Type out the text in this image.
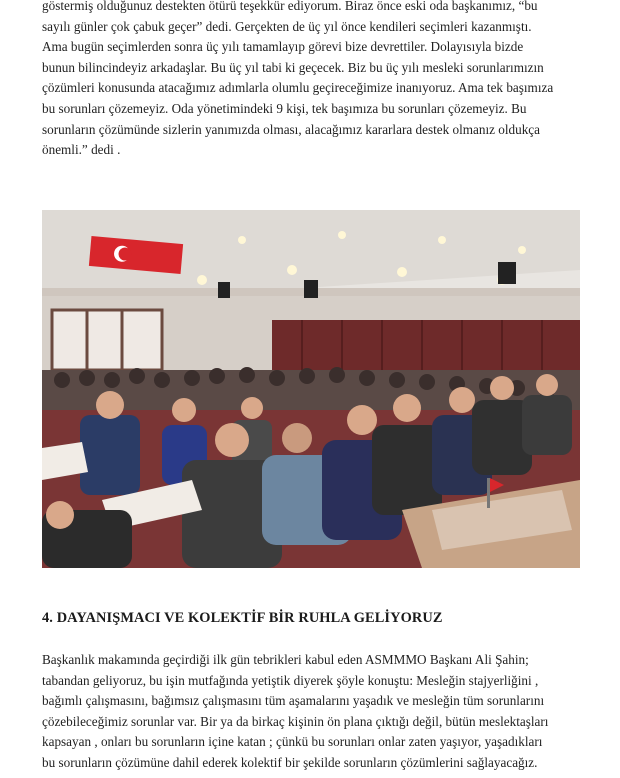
göstermiş olduğunuz destekten ötürü teşekkür ediyorum. Biraz önce eski oda başkanımız, “bu
sayılı günler çok çabuk geçer” dedi. Gerçekten de üç yıl önce kendileri seçimleri kazanmıştı.
Ama bugün seçimlerden sonra üç yılı tamamlayıp görevi bize devrettiler. Dolayısıyla bizde
bunun bilincindeyiz arkadaşlar. Bu üç yıl tabi ki geçecek. Biz bu üç yılı mesleki sorunlarımızın
çözümleri konusunda atacağımız adımlarla olumlu geçireceğimize inanıyoruz. Ama tek başımıza
bu sorunları çözemeyiz. Oda yönetimindeki 9 kişi, tek başımıza bu sorunları çözemeyiz. Bu
sorunların çözümünde sizlerin yanımızda olması, alacağımız kararlara destek olmanız oldukça
önemli.” dedi .
4. DAYANIŞMACI VE KOLEKTİF BİR RUHLA GELİYORUZ
Başkanlık makamında geçirdiği ilk gün tebrikleri kabul eden ASMMMO Başkanı Ali Şahin;
tabandan geliyoruz, bu işin mutfağında yetiştik diyerek şöyle konuştu: Mesleğin stajyerliğini ,
bağımlı çalışmasını, bağımsız çalışmasını tüm aşamalarını yaşadık ve mesleğin tüm sorunlarını
çözebileceğimiz sorunlar var. Bir ya da birkaç kişinin ön plana çıktığı değil, bütün meslektaşları
kapsayan , onları bu sorunların içine katan ; çünkü bu sorunları onlar zaten yaşıyor, yaşadıkları
bu sorunların çözümüne dahil ederek kolektif bir şekilde sorunların çözümlerini sağlayacağız.
